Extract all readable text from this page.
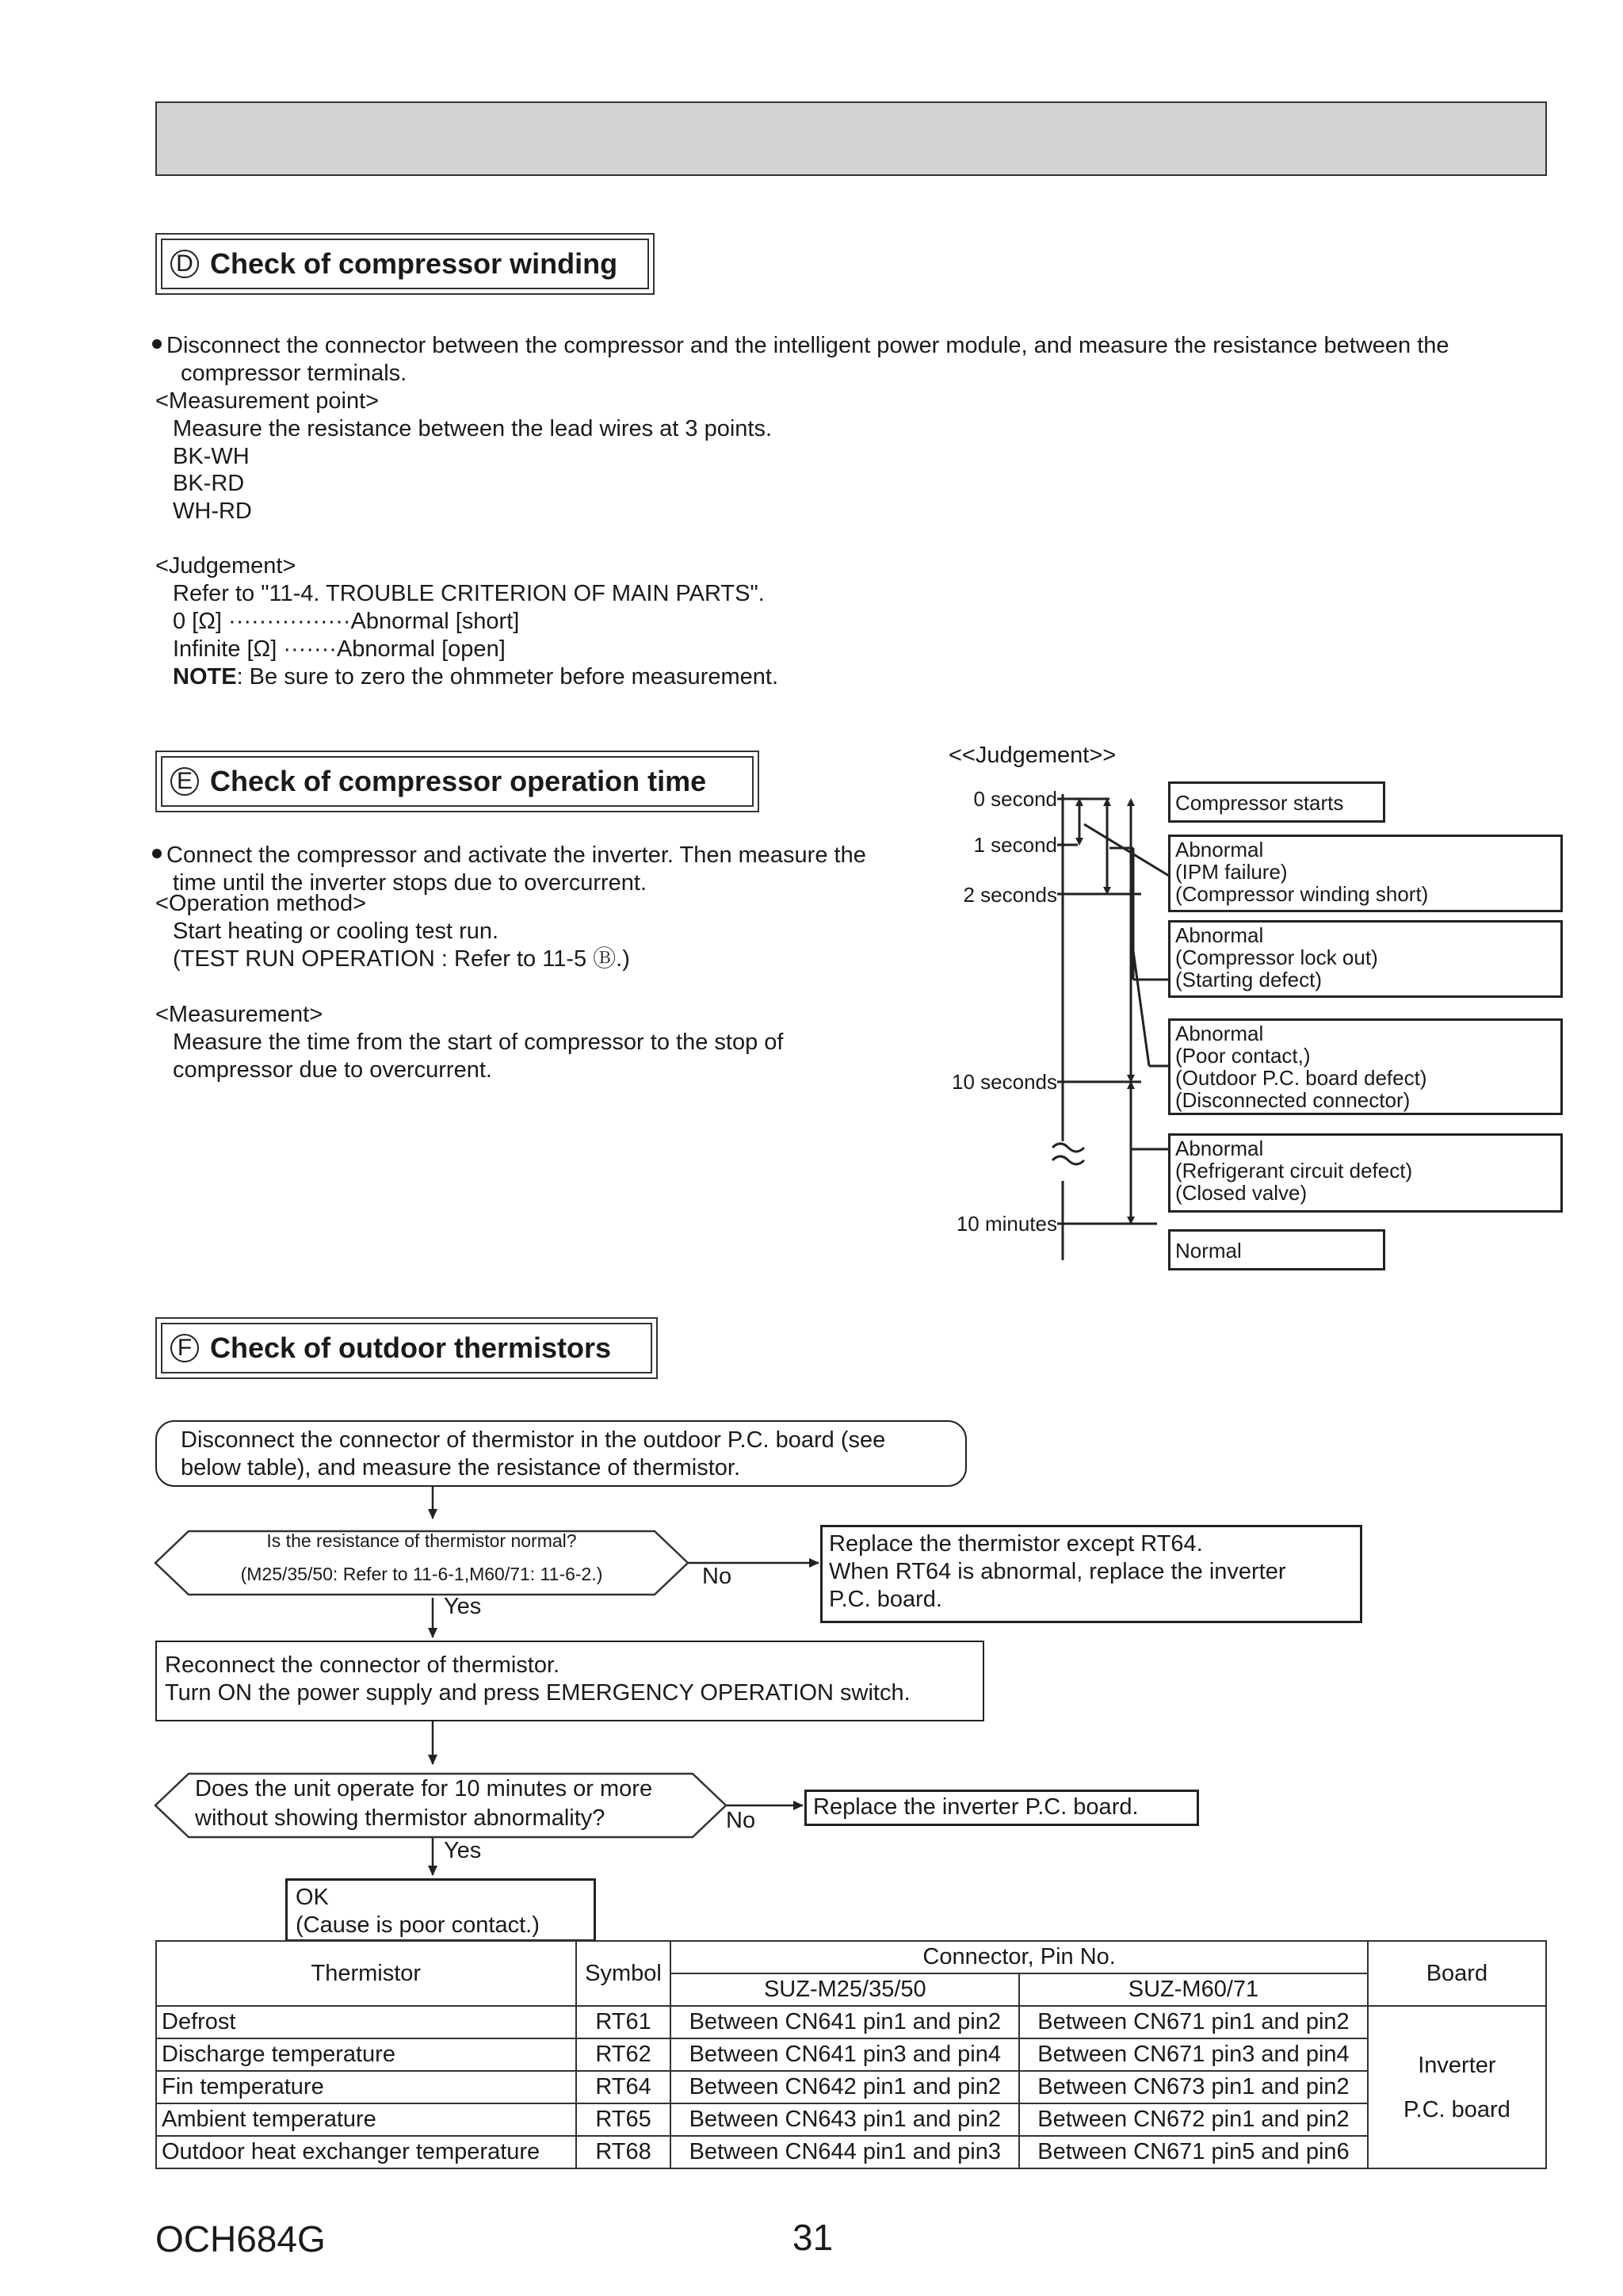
D Check of compressor winding
Disconnect the connector between the compressor and the intelligent power module, and measure the resistance between the
compressor terminals.
<Measurement point>
Measure the resistance between the lead wires at 3 points.
BK-WH
BK-RD
WH-RD
<Judgement>
Refer to "11-4. TROUBLE CRITERION OF MAIN PARTS".
0 [Ω] ················Abnormal [short]
Infinite [Ω] ·······Abnormal [open]
NOTE: Be sure to zero the ohmmeter before measurement.
E Check of compressor operation time
Connect the compressor and activate the inverter. Then measure the
time until the inverter stops due to overcurrent.
<Operation method>
Start heating or cooling test run.
(TEST RUN OPERATION : Refer to 11-5 Ⓑ.)
<Measurement>
Measure the time from the start of compressor to the stop of
compressor due to overcurrent.
<<Judgement>>
0 second
1 second
2 seconds
10 seconds
10 minutes
Compressor starts
Abnormal
(IPM failure)
(Compressor winding short)
Abnormal
(Compressor lock out)
(Starting defect)
Abnormal
(Poor contact,)
(Outdoor P.C. board defect)
(Disconnected connector)
Abnormal
(Refrigerant circuit defect)
(Closed valve)
Normal
F Check of outdoor thermistors
Disconnect the connector of thermistor in the outdoor P.C. board (see
below table), and measure the resistance of thermistor.
Is the resistance of thermistor normal?
(M25/35/50: Refer to 11-6-1,M60/71: 11-6-2.)	No
Yes
Replace the thermistor except RT64.
When RT64 is abnormal, replace the inverter
P.C. board.
Reconnect the connector of thermistor.
Turn ON the power supply and press EMERGENCY OPERATION switch.
Does the unit operate for 10 minutes or more
without showing thermistor abnormality?	No
Yes
Replace the inverter P.C. board.
OK
(Cause is poor contact.)
Thermistor	Symbol	Connector, Pin No.		Board
		SUZ-M25/35/50	SUZ-M60/71	
Defrost	RT61	Between CN641 pin1 and pin2	Between CN671 pin1 and pin2	Inverter
P.C. board

Discharge temperature	RT62	Between CN641 pin3 and pin4	Between CN671 pin3 and pin4	
Fin temperature	RT64	Between CN642 pin1 and pin2	Between CN673 pin1 and pin2	
Ambient temperature	RT65	Between CN643 pin1 and pin2	Between CN672 pin1 and pin2	
Outdoor heat exchanger temperature	RT68	Between CN644 pin1 and pin3	Between CN671 pin5 and pin6	
OCH684G	31
